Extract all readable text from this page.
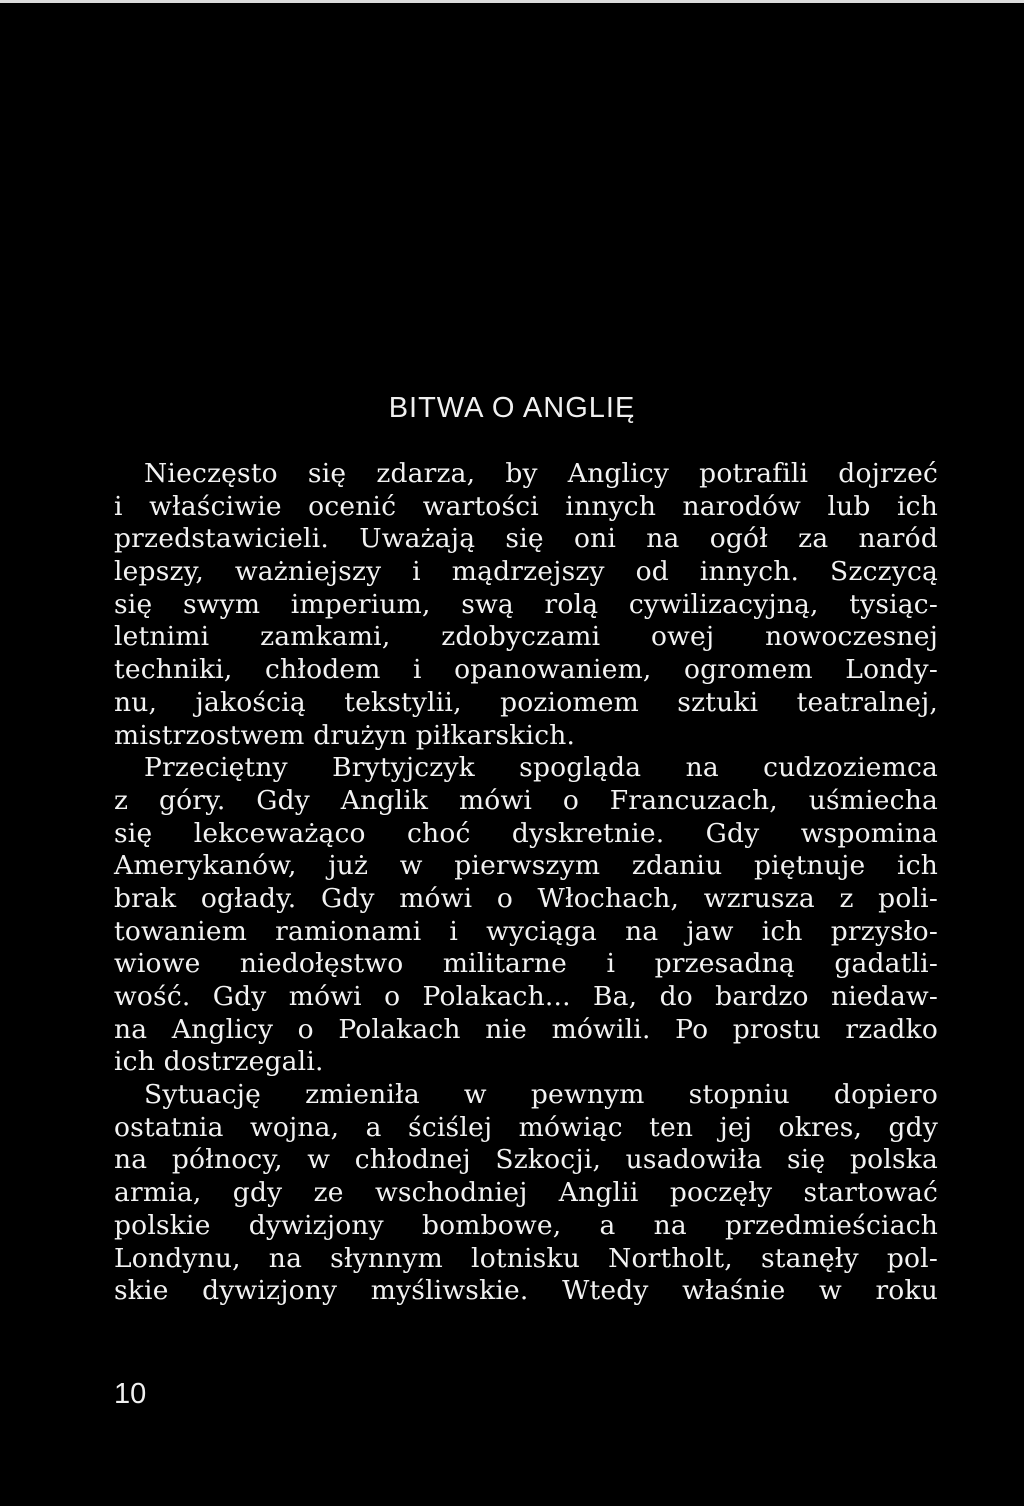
BITWA O ANGLIĘ
Nieczęsto się zdarza, by Anglicy potrafili dojrzeć
i właściwie ocenić wartości innych narodów lub ich
przedstawicieli. Uważają się oni na ogół za naród
lepszy, ważniejszy i mądrzejszy od innych. Szczycą
się swym imperium, swą rolą cywilizacyjną, tysiąc-
letnimi zamkami, zdobyczami owej nowoczesnej
techniki, chłodem i opanowaniem, ogromem Londy-
nu, jakością tekstylii, poziomem sztuki teatralnej,
mistrzostwem drużyn piłkarskich.
Przeciętny Brytyjczyk spogląda na cudzoziemca
z góry. Gdy Anglik mówi o Francuzach, uśmiecha
się lekceważąco choć dyskretnie. Gdy wspomina
Amerykanów, już w pierwszym zdaniu piętnuje ich
brak ogłady. Gdy mówi o Włochach, wzrusza z poli-
towaniem ramionami i wyciąga na jaw ich przysło-
wiowe niedołęstwo militarne i przesadną gadatli-
wość. Gdy mówi o Polakach... Ba, do bardzo niedaw-
na Anglicy o Polakach nie mówili. Po prostu rzadko
ich dostrzegali.
Sytuację zmieniła w pewnym stopniu dopiero
ostatnia wojna, a ściślej mówiąc ten jej okres, gdy
na północy, w chłodnej Szkocji, usadowiła się polska
armia, gdy ze wschodniej Anglii poczęły startować
polskie dywizjony bombowe, a na przedmieściach
Londynu, na słynnym lotnisku Northolt, stanęły pol-
skie dywizjony myśliwskie. Wtedy właśnie w roku
10
